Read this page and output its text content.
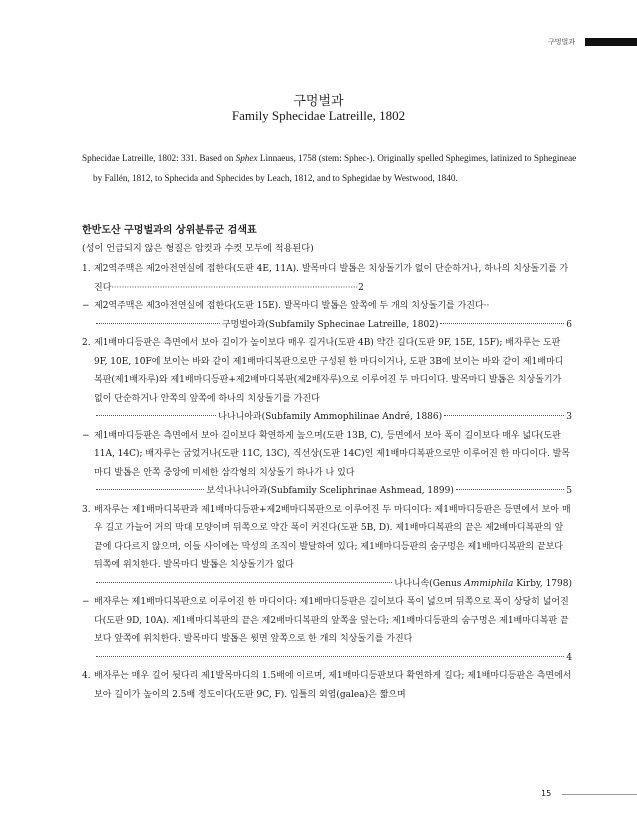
구멍벌과
구멍벌과
Family Sphecidae Latreille, 1802
Sphecidae Latreille, 1802: 331. Based on Sphex Linnaeus, 1758 (stem: Sphec-). Originally spelled Sphegimes, latinized to Sphegineae by Fallén, 1812, to Sphecida and Sphecides by Leach, 1812, and to Sphegidae by Westwood, 1840.
한반도산 구멍벌과의 상위분류군 검색표
(성이 언급되지 않은 형질은 암컷과 수컷 모두에 적용된다)
1. 제2역주맥은 제2아전연실에 접한다(도판 4E, 11A). 발목마디 발톱은 치상돌기가 없이 단순하거나, 하나의 치상돌기를 가진다·································································································2
− 제2역주맥은 제3아전연실에 접한다(도판 15E). 발목마디 발톱은 앞쪽에 두 개의 치상돌기를 가진다··
구멍벌아과(Subfamily Sphecinae Latreille, 1802)	6
2. 제1배마디등판은 측면에서 보아 길이가 높이보다 매우 길거나(도판 4B) 약간 길다(도판 9F, 15E, 15F); 배자루는 도판 9F, 10E, 10F에 보이는 바와 같이 제1배마디복판으로만 구성된 한 마디이거나, 도판 3B에 보이는 바와 같이 제1배마디복판(제1배자루)와 제1배마디등판+제2배마디복판(제2배자루)으로 이루어진 두 마디이다. 발목마디 발톱은 치상돌기가 없이 단순하거나 안쪽의 앞쪽에 하나의 치상돌기를 가진다
나나니아과(Subfamily Ammophilinae André, 1886)	3
− 제1배마디등판은 측면에서 보아 길이보다 확연하게 높으며(도판 13B, C), 등면에서 보아 폭이 길이보다 매우 넓다(도판 11A, 14C); 배자루는 굽었거나(도판 11C, 13C), 직선상(도판 14C)인 제1배마디복판으로만 이루어진 한 마디이다. 발목마디 발톱은 안쪽 중앙에 미세한 삼각형의 치상돌기 하나가 나 있다
보석나나니아과(Subfamily Sceliphrinae Ashmead, 1899)	5
3. 배자루는 제1배마디복판과 제1배마디등판+제2배마디복판으로 이루어진 두 마디이다: 제1배마디등판은 등면에서 보아 매우 길고 가늘어 거의 막대 모양이며 뒤쪽으로 약간 폭이 커진다(도판 5B, D). 제1배마디복판의 끝은 제2배마디복판의 앞 끝에 다다르지 않으며, 이들 사이에는 막성의 조직이 발달하여 있다; 제1배마디등판의 숨구멍은 제1배마디복판의 끝보다 뒤쪽에 위치한다. 발목마디 발톱은 치상돌기가 없다
나나니속(Genus Ammiphila Kirby, 1798)
− 배자루는 제1배마디복판으로 이루어진 한 마디이다: 제1배마디등판은 길이보다 폭이 넓으며 뒤쪽으로 폭이 상당히 넓어진다(도판 9D, 10A). 제1배마디복판의 끝은 제2배마디복판의 앞쪽을 덮는다; 제1배마디등판의 숨구멍은 제1배마디복판 끝보다 앞쪽에 위치한다. 발목마디 발톱은 윗면 앞쪽으로 한 개의 치상돌기를 가진다
4
4. 배자루는 매우 길어 뒷다리 제1발목마디의 1.5배에 이르며, 제1배마디등판보다 확연하게 길다; 제1배마디등판은 측면에서 보아 길이가 높이의 2.5배 정도이다(도판 9C, F). 입틀의 외엽(galea)은 짧으며
15
